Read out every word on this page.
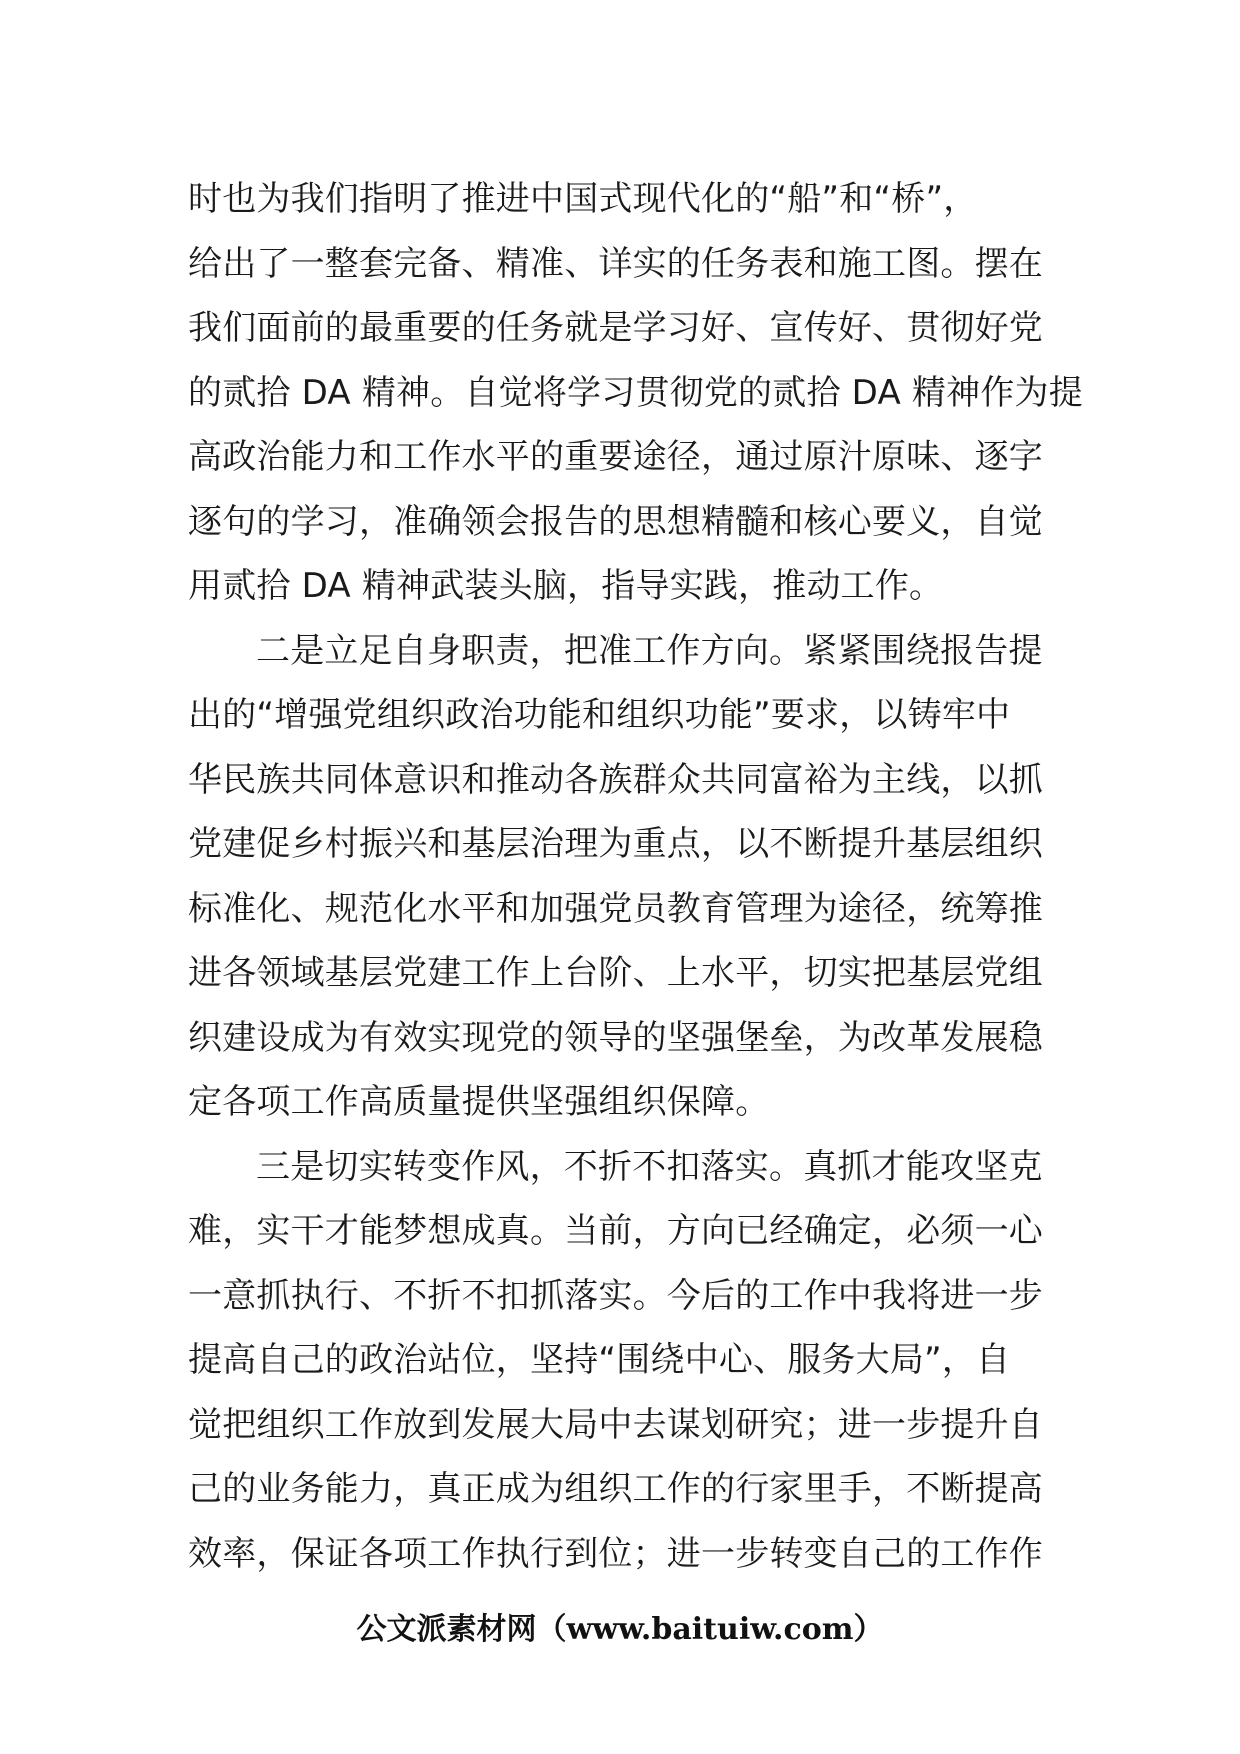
时也为我们指明了推进中国式现代化的“船”和“桥”，
给出了一整套完备、精准、详实的任务表和施工图。摆在
我们面前的最重要的任务就是学习好、宣传好、贯彻好党
的贰拾 DA 精神。自觉将学习贯彻党的贰拾 DA 精神作为提
高政治能力和工作水平的重要途径，通过原汁原味、逐字
逐句的学习，准确领会报告的思想精髓和核心要义，自觉
用贰拾 DA 精神武装头脑，指导实践，推动工作。
二是立足自身职责，把准工作方向。紧紧围绕报告提
出的“增强党组织政治功能和组织功能”要求，以铸牢中
华民族共同体意识和推动各族群众共同富裕为主线，以抓
党建促乡村振兴和基层治理为重点，以不断提升基层组织
标准化、规范化水平和加强党员教育管理为途径，统筹推
进各领域基层党建工作上台阶、上水平，切实把基层党组
织建设成为有效实现党的领导的坚强堡垒，为改革发展稳
定各项工作高质量提供坚强组织保障。
三是切实转变作风，不折不扣落实。真抓才能攻坚克
难，实干才能梦想成真。当前，方向已经确定，必须一心
一意抓执行、不折不扣抓落实。今后的工作中我将进一步
提高自己的政治站位，坚持“围绕中心、服务大局”，自
觉把组织工作放到发展大局中去谋划研究；进一步提升自
己的业务能力，真正成为组织工作的行家里手，不断提高
效率，保证各项工作执行到位；进一步转变自己的工作作
公文派素材网（www.baituiw.com）
